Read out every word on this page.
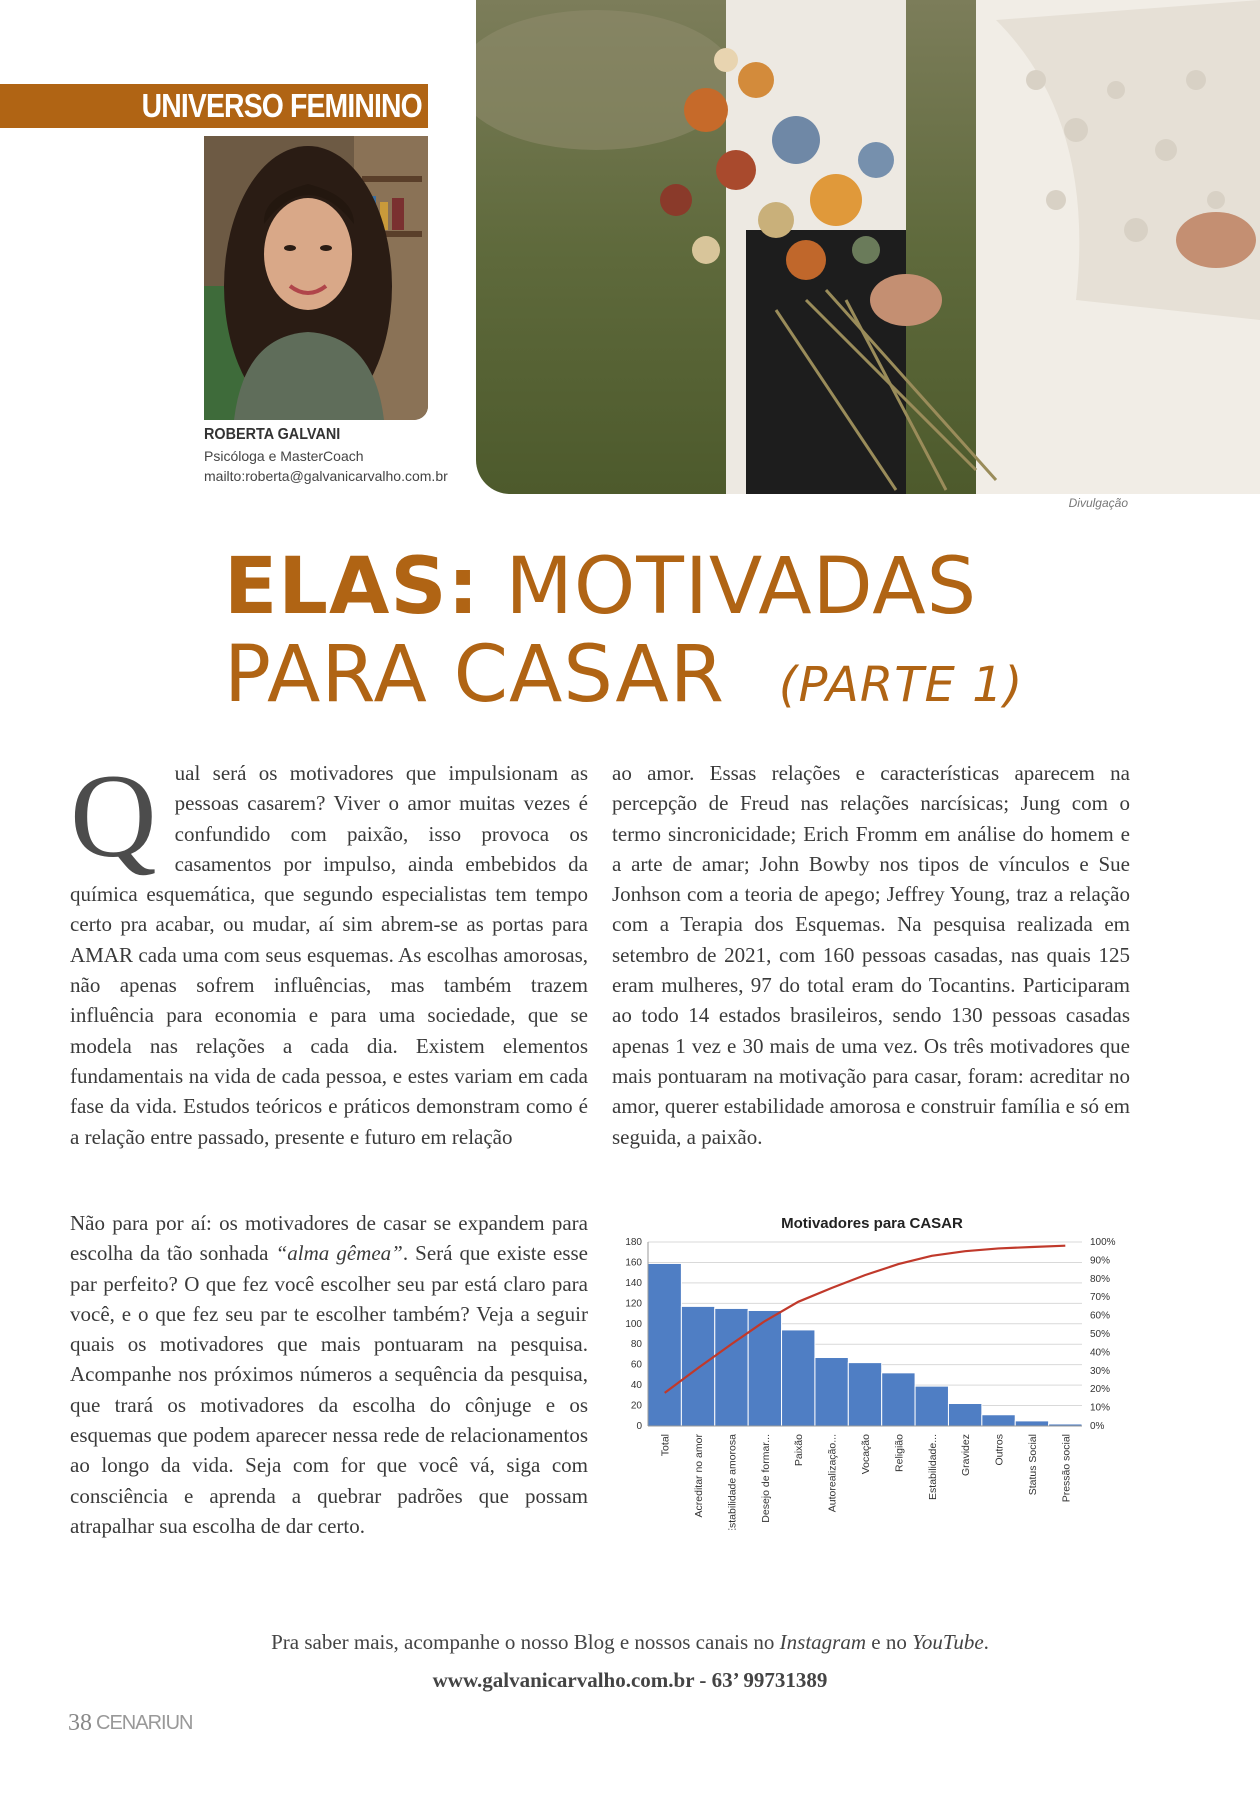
UNIVERSO FEMININO
ROBERTA GALVANI
Psicóloga e MasterCoach
mailto:roberta@galvanicarvalho.com.br
Divulgação
ELAS: MOTIVADAS
PARA CASAR (PARTE 1)
Q ual será os motivadores que impulsionam as pessoas casarem? Viver o amor muitas vezes é confundido com paixão, isso provoca os casamentos por impulso, ainda embebidos da química esquemática, que segundo especialistas tem tempo certo pra acabar, ou mudar, aí sim abrem-se as portas para AMAR cada uma com seus esquemas. As escolhas amorosas, não apenas sofrem influências, mas também trazem influência para economia e para uma sociedade, que se modela nas relações a cada dia. Existem elementos fundamentais na vida de cada pessoa, e estes variam em cada fase da vida. Estudos teóricos e práticos demonstram como é a relação entre passado, presente e futuro em relação
ao amor. Essas relações e características aparecem na percepção de Freud nas relações narcísicas; Jung com o termo sincronicidade; Erich Fromm em análise do homem e a arte de amar; John Bowby nos tipos de vínculos e Sue Jonhson com a teoria de apego; Jeffrey Young, traz a relação com a Terapia dos Esquemas. Na pesquisa realizada em setembro de 2021, com 160 pessoas casadas, nas quais 125 eram mulheres, 97 do total eram do Tocantins. Participaram ao todo 14 estados brasileiros, sendo 130 pessoas casadas apenas 1 vez e 30 mais de uma vez. Os três motivadores que mais pontuaram na motivação para casar, foram: acreditar no amor, querer estabilidade amorosa e construir família e só em seguida, a paixão.
Não para por aí: os motivadores de casar se expandem para escolha da tão sonhada “alma gêmea”. Será que existe esse par perfeito? O que fez você escolher seu par está claro para você, e o que fez seu par te escolher também? Veja a seguir quais os motivadores que mais pontuaram na pesquisa. Acompanhe nos próximos números a sequência da pesquisa, que trará os motivadores da escolha do cônjuge e os esquemas que podem aparecer nessa rede de relacionamentos ao longo da vida. Seja com for que você vá, siga com consciência e aprenda a quebrar padrões que possam atrapalhar sua escolha de dar certo.
Motivadores para CASAR
0
20
40
60
80
100
120
140
160
180
0%
10%
20%
30%
40%
50%
60%
70%
80%
90%
100%
Total Acreditar no amor Estabilidade amorosa Desejo de formar... Paixão Autorealização... Vocação Religião Estabilidade... Gravidez Outros Status Social Pressão social
Pra saber mais, acompanhe o nosso Blog e nossos canais no Instagram e no YouTube.
www.galvanicarvalho.com.br - 63’ 99731389
38 CENARIUN
